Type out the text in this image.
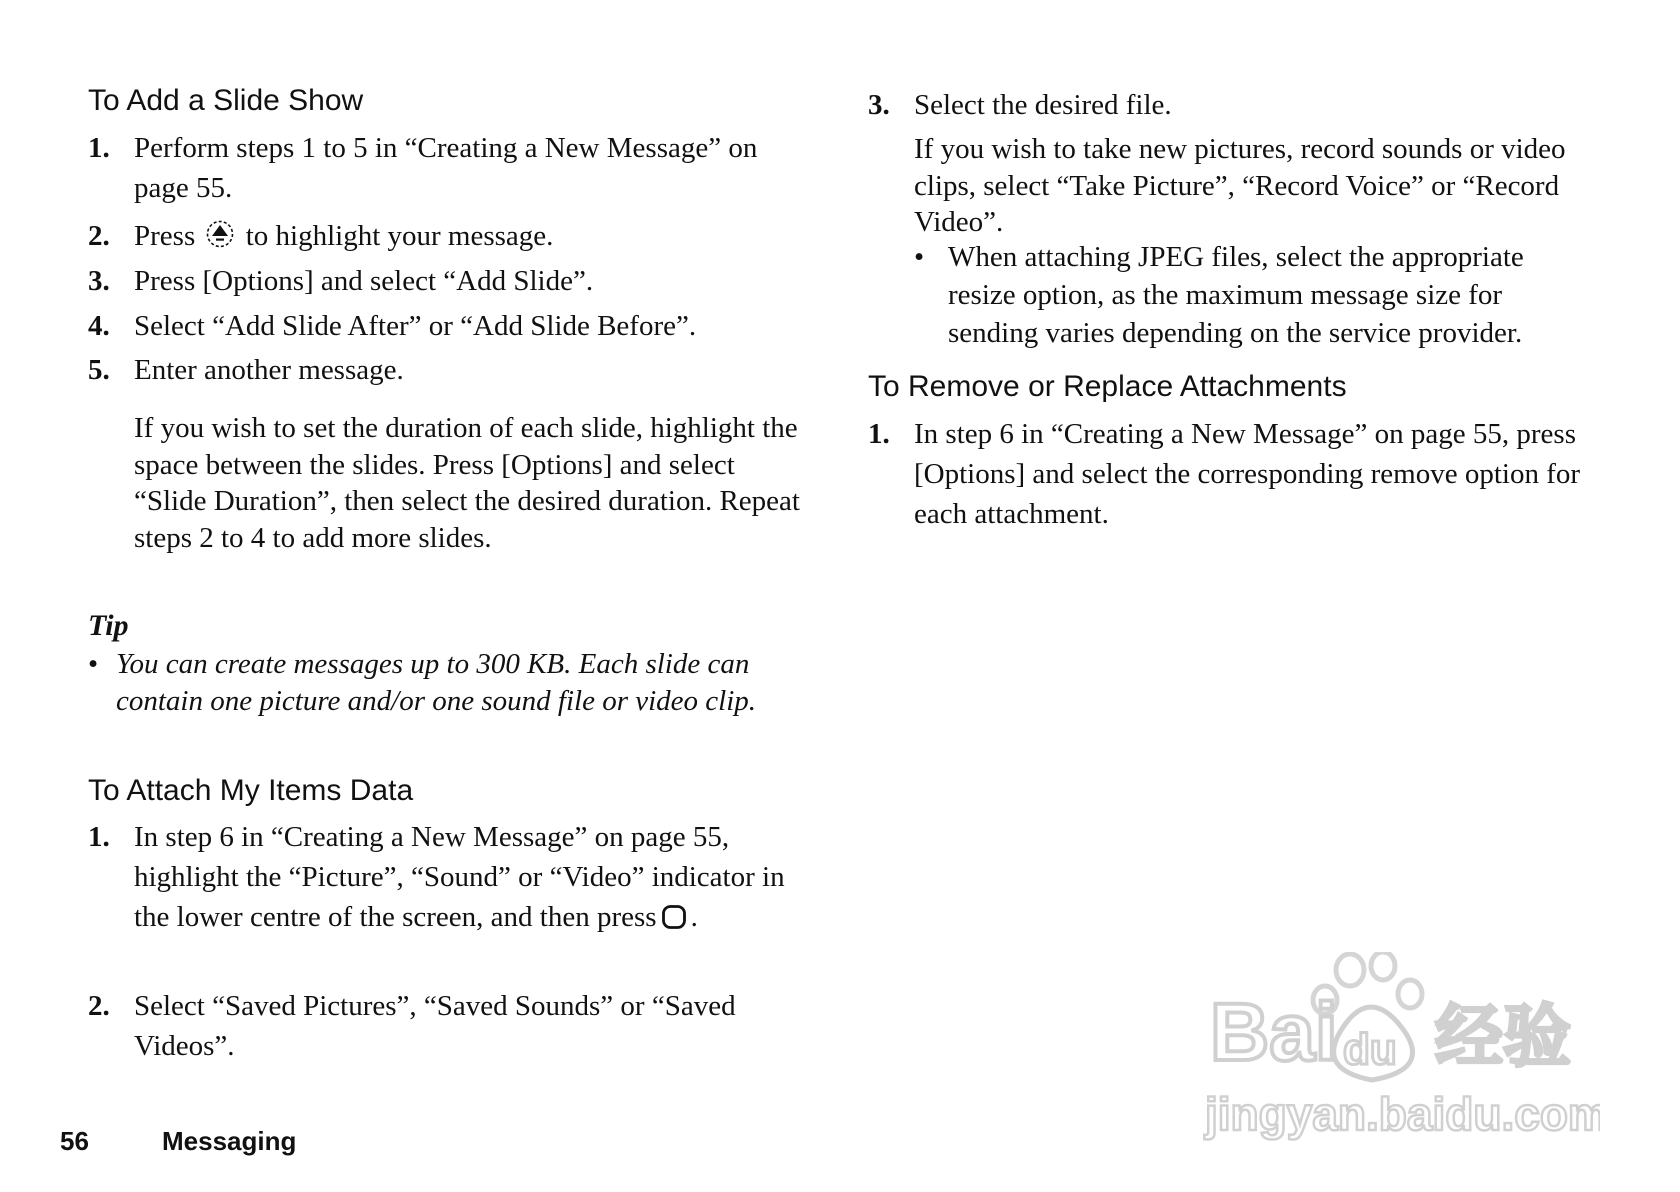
To Add a Slide Show
1. Perform steps 1 to 5 in “Creating a New Message” on page 55.
2. Press to highlight your message.
3. Press [Options] and select “Add Slide”.
4. Select “Add Slide After” or “Add Slide Before”.
5. Enter another message.
If you wish to set the duration of each slide, highlight the space between the slides. Press [Options] and select “Slide Duration”, then select the desired duration. Repeat steps 2 to 4 to add more slides.
Tip
• You can create messages up to 300 KB. Each slide can contain one picture and/or one sound file or video clip.
To Attach My Items Data
1. In step 6 in “Creating a New Message” on page 55, highlight the “Picture”, “Sound” or “Video” indicator in the lower centre of the screen, and then press .
2. Select “Saved Pictures”, “Saved Sounds” or “Saved Videos”.
3. Select the desired file.
If you wish to take new pictures, record sounds or video clips, select “Take Picture”, “Record Voice” or “Record Video”.
• When attaching JPEG files, select the appropriate resize option, as the maximum message size for sending varies depending on the service provider.
To Remove or Replace Attachments
1. In step 6 in “Creating a New Message” on page 55, press [Options] and select the corresponding remove option for each attachment.
56	Messaging
Bai du 经验
jingyan.baidu.com
